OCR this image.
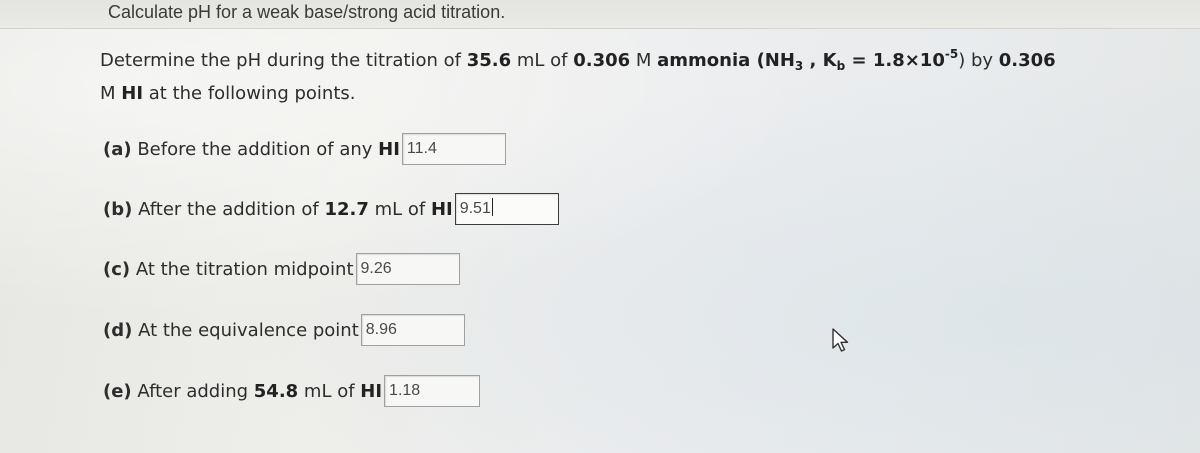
Calculate pH for a weak base/strong acid titration.
Determine the pH during the titration of 35.6 mL of 0.306 M ammonia ($NH_3$ , $K_b = 1.8\times 10^{-5}$) by 0.306
M HI at the following points.
(a) Before the addition of any HI 11.4
(b) After the addition of 12.7 mL of HI 9.51
(c) At the titration midpoint 9.26
(d) At the equivalence point 8.96
(e) After adding 54.8 mL of HI 1.18
